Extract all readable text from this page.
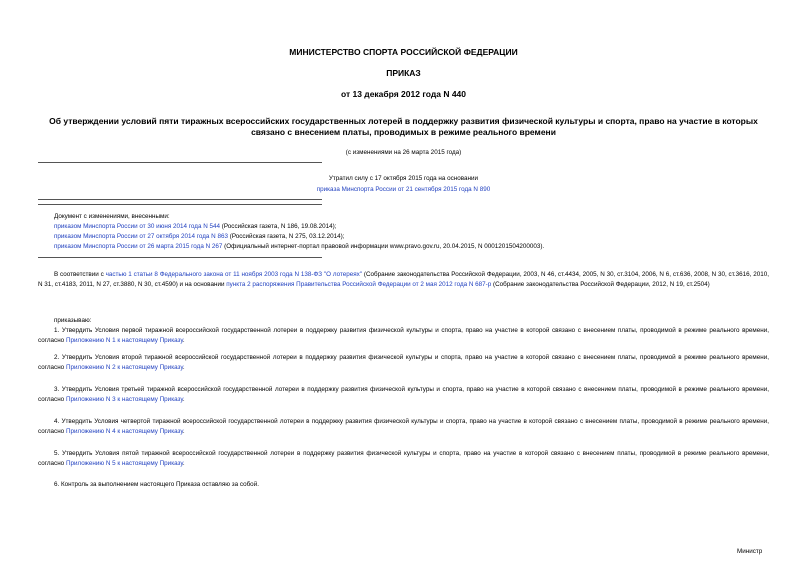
МИНИСТЕРСТВО СПОРТА РОССИЙСКОЙ ФЕДЕРАЦИИ
ПРИКАЗ
от 13 декабря 2012 года N 440
Об утверждении условий пяти тиражных всероссийских государственных лотерей в поддержку развития физической культуры и спорта, право на участие в которых связано с внесением платы, проводимых в режиме реального времени
(с изменениями на 26 марта 2015 года)
Утратил силу с 17 октября 2015 года на основании
приказа Минспорта России от 21 сентября 2015 года N 890
Документ с изменениями, внесенными:
приказом Минспорта России от 30 июня 2014 года N 544 (Российская газета, N 186, 19.08.2014);
приказом Минспорта России от 27 октября 2014 года N 863 (Российская газета, N 275, 03.12.2014);
приказом Минспорта России от 26 марта 2015 года N 267 (Официальный интернет-портал правовой информации www.pravo.gov.ru, 20.04.2015, N 0001201504200003).
В соответствии с частью 1 статьи 8 Федерального закона от 11 ноября 2003 года N 138-ФЗ "О лотереях" (Собрание законодательства Российской Федерации, 2003, N 46, ст.4434, 2005, N 30, ст.3104, 2006, N 6, ст.636, 2008, N 30, ст.3616, 2010, N 31, ст.4183, 2011, N 27, ст.3880, N 30, ст.4590) и на основании пункта 2 распоряжения Правительства Российской Федерации от 2 мая 2012 года N 687-р (Собрание законодательства Российской Федерации, 2012, N 19, ст.2504)
приказываю:
1. Утвердить Условия первой тиражной всероссийской государственной лотереи в поддержку развития физической культуры и спорта, право на участие в которой связано с внесением платы, проводимой в режиме реального времени, согласно Приложению N 1 к настоящему Приказу.
2. Утвердить Условия второй тиражной всероссийской государственной лотереи в поддержку развития физической культуры и спорта, право на участие в которой связано с внесением платы, проводимой в режиме реального времени, согласно Приложению N 2 к настоящему Приказу.
3. Утвердить Условия третьей тиражной всероссийской государственной лотереи в поддержку развития физической культуры и спорта, право на участие в которой связано с внесением платы, проводимой в режиме реального времени, согласно Приложению N 3 к настоящему Приказу.
4. Утвердить Условия четвертой тиражной всероссийской государственной лотереи в поддержку развития физической культуры и спорта, право на участие в которой связано с внесением платы, проводимой в режиме реального времени, согласно Приложению N 4 к настоящему Приказу.
5. Утвердить Условия пятой тиражной всероссийской государственной лотереи в поддержку развития физической культуры и спорта, право на участие в которой связано с внесением платы, проводимой в режиме реального времени, согласно Приложению N 5 к настоящему Приказу.
6. Контроль за выполнением настоящего Приказа оставляю за собой.
Министр
